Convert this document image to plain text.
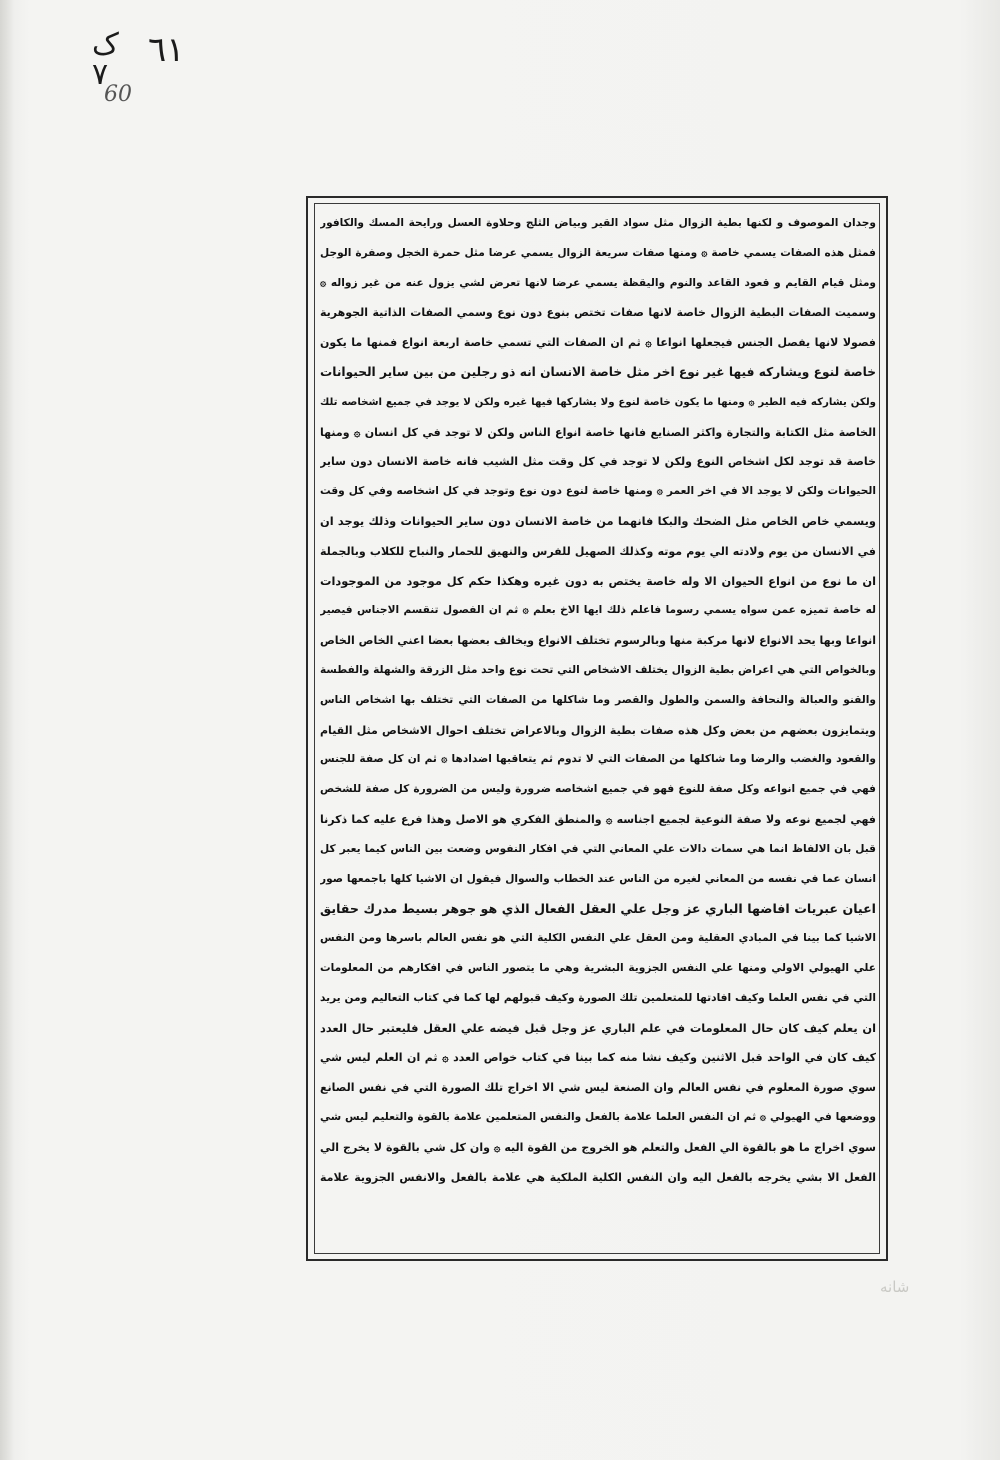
ک
٧
٦١
60
وجدان الموصوف و لكنها بطية الزوال مثل سواد القير وبياض الثلج وحلاوة العسل ورايحة المسك والكافور
فمثل هذه الصفات يسمي خاصة ۞ ومنها صفات سريعة الزوال يسمي عرضا مثل حمرة الخجل وصفرة الوجل
ومثل قيام القايم و قعود القاعد والنوم واليقظة يسمي عرضا لانها تعرض لشي يزول عنه من غير زواله ۞
وسميت الصفات البطية الزوال خاصة لانها صفات تختص بنوع دون نوع وسمي الصفات الذاتية الجوهرية
فصولا لانها يفصل الجنس فيجعلها انواعا ۞ ثم ان الصفات التي تسمي خاصة اربعة انواع فمنها ما يكون
خاصة لنوع ويشاركه فيها غير نوع اخر مثل خاصة الانسان انه ذو رجلين من بين ساير الحيوانات
ولكن يشاركه فيه الطير ۞ ومنها ما يكون خاصة لنوع ولا يشاركها فيها غيره ولكن لا يوجد في جميع اشخاصه تلك
الخاصة مثل الكتابة والتجارة واكثر الصنايع فانها خاصة انواع الناس ولكن لا توجد في كل انسان ۞ ومنها
خاصة قد توجد لكل اشخاص النوع ولكن لا توجد في كل وقت مثل الشيب فانه خاصة الانسان دون ساير
الحيوانات ولكن لا يوجد الا في اخر العمر ۞ ومنها خاصة لنوع دون نوع وتوجد في كل اشخاصه وفي كل وقت
ويسمي خاص الخاص مثل الضحك والبكا فانهما من خاصة الانسان دون ساير الحيوانات وذلك يوجد ان
في الانسان من يوم ولادته الي يوم موته وكذلك الصهيل للفرس والنهيق للحمار والنباح للكلاب وبالجملة
ان ما نوع من انواع الحيوان الا وله خاصة يختص به دون غيره وهكذا حكم كل موجود من الموجودات
له خاصة تميزه عمن سواه يسمي رسوما فاعلم ذلك ايها الاخ بعلم ۞ ثم ان الفصول تنقسم الاجناس فيصير
انواعا وبها يحد الانواع لانها مركبة منها وبالرسوم تختلف الانواع ويخالف بعضها بعضا اعني الخاص الخاص
وبالخواص التي هي اعراض بطية الزوال يختلف الاشخاص التي تحت نوع واحد مثل الزرقة والشهلة والفطسة
والقنو والعبالة والنحافة والسمن والطول والقصر وما شاكلها من الصفات التي تختلف بها اشخاص الناس
ويتمايزون بعضهم من بعض وكل هذه صفات بطية الزوال وبالاعراض تختلف احوال الاشخاص مثل القيام
والقعود والغضب والرضا وما شاكلها من الصفات التي لا تدوم ثم يتعاقبها اضدادها ۞ ثم ان كل صفة للجنس
فهي في جميع انواعه وكل صفة للنوع فهو في جميع اشخاصه ضرورة وليس من الضرورة كل صفة للشخص
فهي لجميع نوعه ولا صفة النوعية لجميع اجناسه ۞ والمنطق الفكري هو الاصل وهذا فرع عليه كما ذكرنا
قبل بان الالفاظ انما هي سمات دالات علي المعاني التي في افكار النفوس وضعت بين الناس كيما يعبر كل
انسان عما في نفسه من المعاني لغيره من الناس عند الخطاب والسوال فيقول ان الاشيا كلها باجمعها صور
اعيان عبريات افاضها الباري عز وجل علي العقل الفعال الذي هو جوهر بسيط مدرك حقايق
الاشيا كما بينا في المبادي العقلية ومن العقل علي النفس الكلية التي هو نفس العالم باسرها ومن النفس
علي الهيولي الاولي ومنها علي النفس الجزوية البشرية وهي ما يتصور الناس في افكارهم من المعلومات
التي في نفس العلما وكيف افادتها للمتعلمين تلك الصورة وكيف قبولهم لها كما في كتاب التعاليم ومن يريد
ان يعلم كيف كان حال المعلومات في علم الباري عز وجل قبل فيضه علي العقل فليعتبر حال العدد
كيف كان في الواحد قبل الاثنين وكيف نشا منه كما بينا في كتاب خواص العدد ۞ ثم ان العلم ليس شي
سوي صورة المعلوم في نفس العالم وان الصنعة ليس شي الا اخراج تلك الصورة التي في نفس الصانع
ووضعها في الهيولي ۞ ثم ان النفس العلما علامة بالفعل والنفس المتعلمين علامة بالقوة والتعليم ليس شي
سوي اخراج ما هو بالقوة الي الفعل والتعلم هو الخروج من القوة اليه ۞ وان كل شي بالقوة لا يخرج الي
الفعل الا بشي يخرجه بالفعل اليه وان النفس الكلية الملكية هي علامة بالفعل والانفس الجزوية علامة
شانه
